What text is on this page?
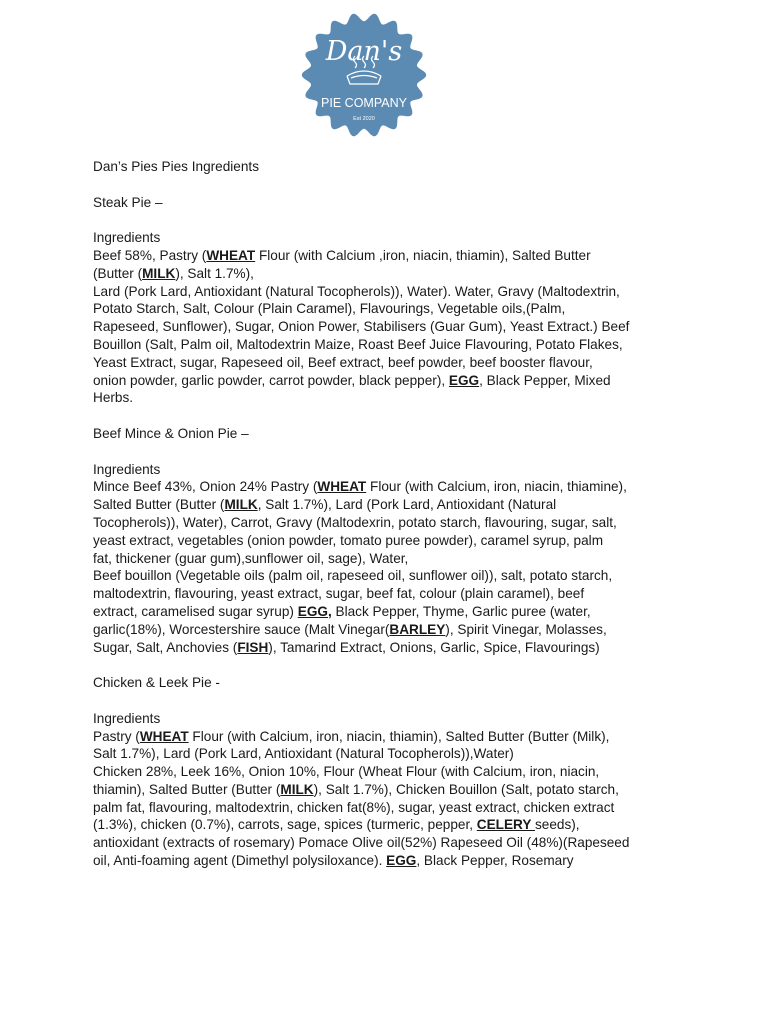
Dan's
PIE COMPANY
Est 2020

Dan’s Pies Pies Ingredients

Steak Pie –

Ingredients

Beef 58%, Pastry (WHEAT Flour (with Calcium ,iron, niacin, thiamin), Salted Butter
(Butter (MILK), Salt 1.7%),
Lard (Pork Lard, Antioxidant (Natural Tocopherols)), Water). Water, Gravy (Maltodextrin,
Potato Starch, Salt, Colour (Plain Caramel), Flavourings, Vegetable oils,(Palm,
Rapeseed, Sunflower), Sugar, Onion Power, Stabilisers (Guar Gum), Yeast Extract.) Beef
Bouillon (Salt, Palm oil, Maltodextrin Maize, Roast Beef Juice Flavouring, Potato Flakes,
Yeast Extract, sugar, Rapeseed oil, Beef extract, beef powder, beef booster flavour,
onion powder, garlic powder, carrot powder, black pepper), EGG, Black Pepper, Mixed
Herbs.

Beef Mince & Onion Pie –

Ingredients

Mince Beef 43%, Onion 24% Pastry (WHEAT Flour (with Calcium, iron, niacin, thiamine),
Salted Butter (Butter (MILK, Salt 1.7%), Lard (Pork Lard, Antioxidant (Natural
Tocopherols)), Water), Carrot, Gravy (Maltodexrin, potato starch, flavouring, sugar, salt,
yeast extract, vegetables (onion powder, tomato puree powder), caramel syrup, palm
fat, thickener (guar gum),sunflower oil, sage), Water,
Beef bouillon (Vegetable oils (palm oil, rapeseed oil, sunflower oil)), salt, potato starch,
maltodextrin, flavouring, yeast extract, sugar, beef fat, colour (plain caramel), beef
extract, caramelised sugar syrup) EGG, Black Pepper, Thyme, Garlic puree (water,
garlic(18%), Worcestershire sauce (Malt Vinegar(BARLEY), Spirit Vinegar, Molasses,
Sugar, Salt, Anchovies (FISH), Tamarind Extract, Onions, Garlic, Spice, Flavourings)

Chicken & Leek Pie -

Ingredients

Pastry (WHEAT Flour (with Calcium, iron, niacin, thiamin), Salted Butter (Butter (Milk),
Salt 1.7%), Lard (Pork Lard, Antioxidant (Natural Tocopherols)),Water)
Chicken 28%, Leek 16%, Onion 10%, Flour (Wheat Flour (with Calcium, iron, niacin,
thiamin), Salted Butter (Butter (MILK), Salt 1.7%), Chicken Bouillon (Salt, potato starch,
palm fat, flavouring, maltodextrin, chicken fat(8%), sugar, yeast extract, chicken extract
(1.3%), chicken (0.7%), carrots, sage, spices (turmeric, pepper, CELERY seeds),
antioxidant (extracts of rosemary) Pomace Olive oil(52%) Rapeseed Oil (48%)(Rapeseed
oil, Anti-foaming agent (Dimethyl polysiloxance). EGG, Black Pepper, Rosemary
